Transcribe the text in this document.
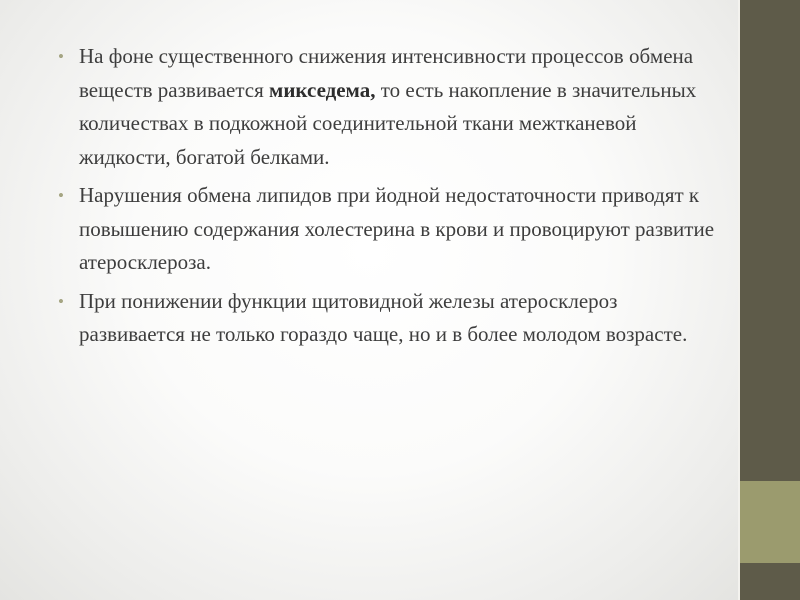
• На фоне существенного снижения интенсивности процессов обмена веществ развивается микседема, то есть накопление в значительных количествах в подкожной соединительной ткани межтканевой жидкости, богатой белками.
• Нарушения обмена липидов при йодной недостаточности приводят к повышению содержания холестерина в крови и провоцируют развитие атеросклероза.
• При понижении функции щитовидной железы атеросклероз развивается не только гораздо чаще, но и в более молодом возрасте.
